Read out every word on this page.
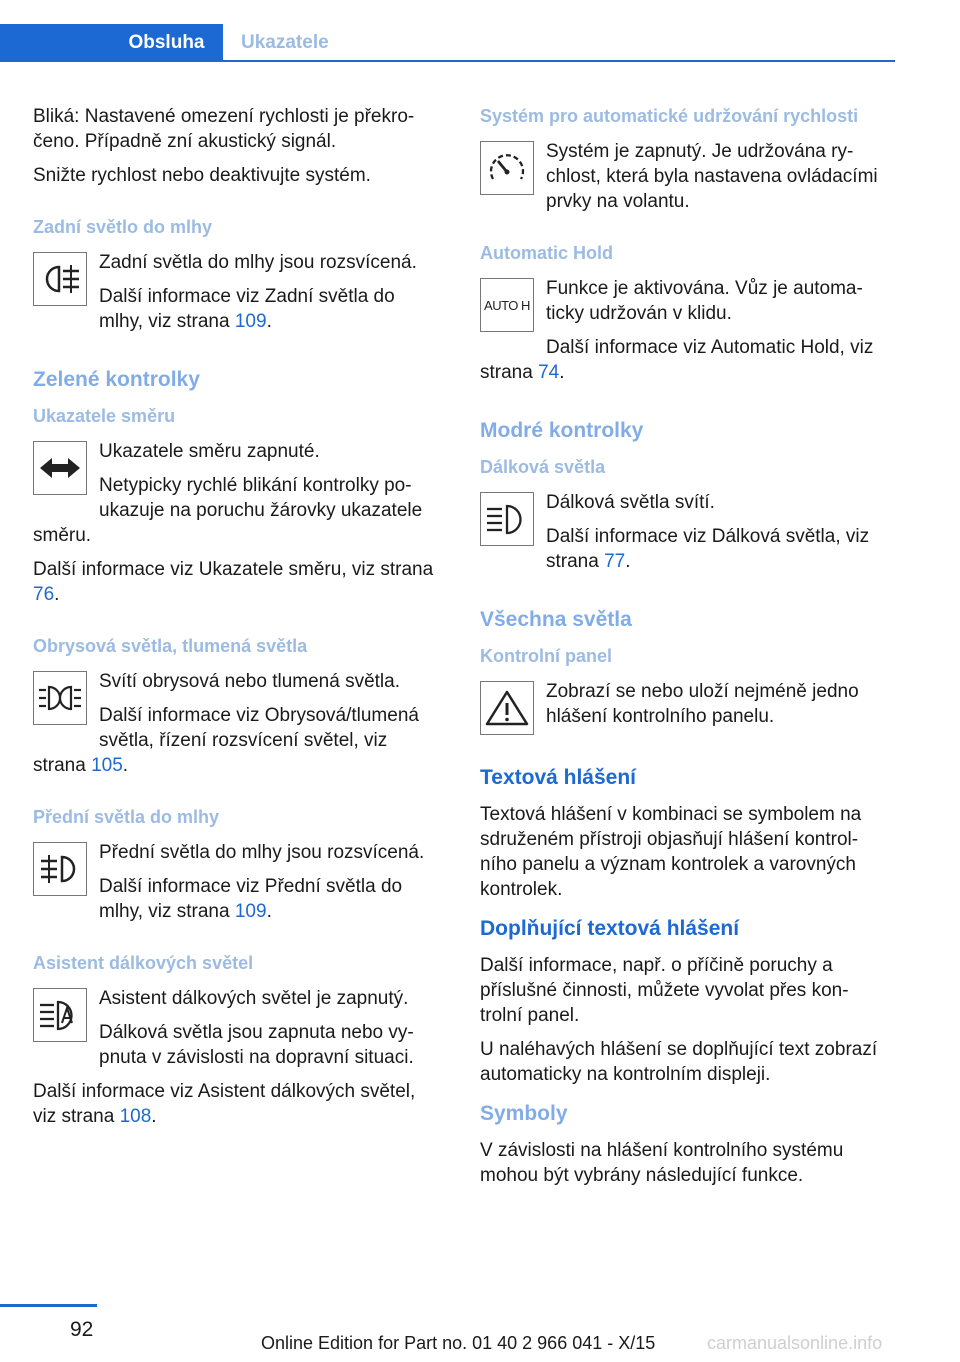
Obsluha	Ukazatele

Bliká: Nastavené omezení rychlosti je překro‐čeno. Případně zní akustický signál.

Snižte rychlost nebo deaktivujte systém.

Zadní světlo do mlhy

Zadní světla do mlhy jsou rozsvícená.

Další informace viz Zadní světla do mlhy, viz strana 109.

Zelené kontrolky
Ukazatele směru

Ukazatele směru zapnuté.

Netypicky rychlé blikání kontrolky po‐ukazuje na poruchu žárovky ukazatele směru.

Další informace viz Ukazatele směru, viz strana 76.

Obrysová světla, tlumená světla

Svítí obrysová nebo tlumená světla.

Další informace viz Obrysová/tlumená světla, řízení rozsvícení světel, viz strana 105.

Přední světla do mlhy

Přední světla do mlhy jsou rozsvícená.

Další informace viz Přední světla do mlhy, viz strana 109.

Asistent dálkových světel

Asistent dálkových světel je zapnutý.

Dálková světla jsou zapnuta nebo vy‐pnuta v závislosti na dopravní situaci.

Další informace viz Asistent dálkových světel, viz strana 108.

Systém pro automatické udržování rychlosti

Systém je zapnutý. Je udržována ry‐chlost, která byla nastavena ovládacími prvky na volantu.

Automatic Hold
AUTO H

Funkce je aktivována. Vůz je automa‐ticky udržován v klidu.

Další informace viz Automatic Hold, viz strana 74.

Modré kontrolky
Dálková světla

Dálková světla svítí.

Další informace viz Dálková světla, viz strana 77.

Všechna světla
Kontrolní panel

Zobrazí se nebo uloží nejméně jedno hlášení kontrolního panelu.

Textová hlášení

Textová hlášení v kombinaci se symbolem na sdruženém přístroji objasňují hlášení kontrol‐ního panelu a význam kontrolek a varovných kontrolek.

Doplňující textová hlášení

Další informace, např. o příčině poruchy a příslušné činnosti, můžete vyvolat přes kon‐trolní panel.

U naléhavých hlášení se doplňující text zobrazí automaticky na kontrolním displeji.

Symboly

V závislosti na hlášení kontrolního systému mohou být vybrány následující funkce.

92
Online Edition for Part no. 01 40 2 966 041 - X/15	carmanualsonline.info
